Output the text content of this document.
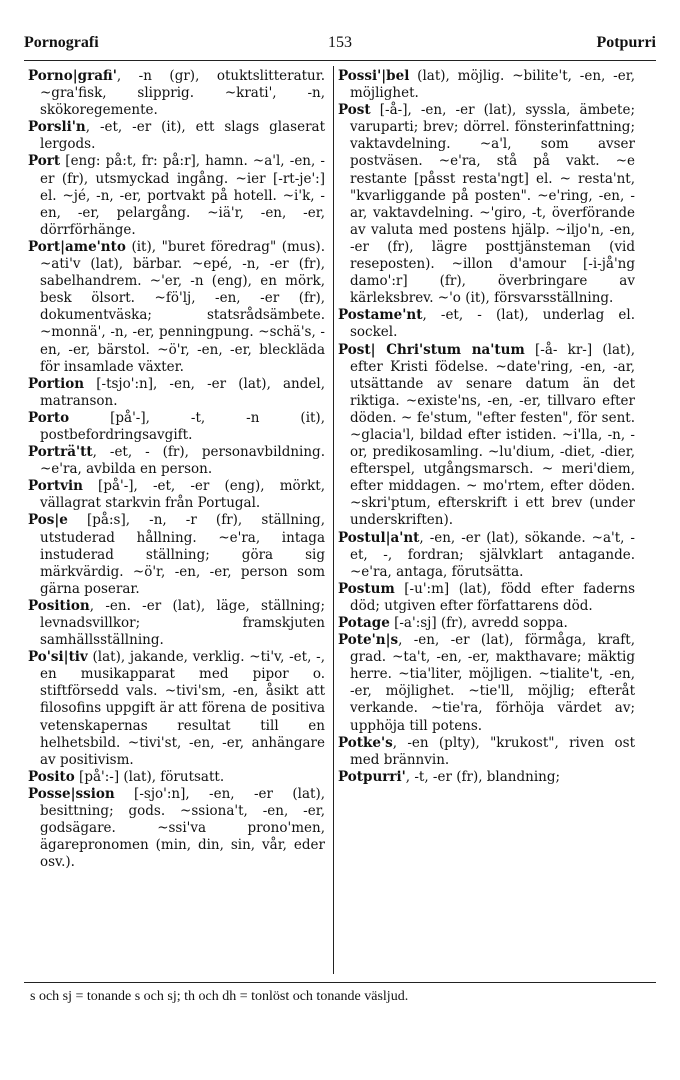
153
Pornografi	Potpurri

Porno|grafi', -n (gr), otuktslitteratur. ~gra'fisk, slipprig. ~krati', -n, skökoregemente.

Porsli'n, -et, -er (it), ett slags glaserat lergods.

Port [eng: på:t, fr: på:r], hamn. ~a'l, -en, -er (fr), utsmyckad ingång. ~ier [-rt-je':] el. ~jé, -n, -er, portvakt på hotell. ~i'k, -en, -er, pelargång. ~iä'r, -en, -er, dörrförhänge.

Port|ame'nto (it), "buret föredrag" (mus). ~ati'v (lat), bärbar. ~epé, -n, -er (fr), sabelhandrem. ~'er, -n (eng), en mörk, besk ölsort. ~fö'lj, -en, -er (fr), dokumentväska; statsrådsämbete. ~monnä', -n, -er, penningpung. ~schä's, -en, -er, bärstol. ~ö'r, -en, -er, bleckläda för insamlade växter.

Portion [-tsjo':n], -en, -er (lat), andel, matranson.

Porto [på'-], -t, -n (it), postbefordringsavgift.

Porträ'tt, -et, - (fr), personavbildning. ~e'ra, avbilda en person.

Portvin [på'-], -et, -er (eng), mörkt, vällagrat starkvin från Portugal.

Pos|e [på:s], -n, -r (fr), ställning, utstuderad hållning. ~e'ra, intaga instuderad ställning; göra sig märkvärdig. ~ö'r, -en, -er, person som gärna poserar.

Position, -en. -er (lat), läge, ställning; levnadsvillkor; framskjuten samhällsställning.

Po'si|tiv (lat), jakande, verklig. ~ti'v, -et, -, en musikapparat med pipor o. stiftförsedd vals. ~tivi'sm, -en, åsikt att filosofins uppgift är att förena de positiva vetenskapernas resultat till en helhetsbild. ~tivi'st, -en, -er, anhängare av positivism.

Posito [på':-] (lat), förutsatt.

Posse|ssion [-sjo':n], -en, -er (lat), besittning; gods. ~ssiona't, -en, -er, godsägare. ~ssi'va prono'men, ägarepronomen (min, din, sin, vår, eder osv.).

Possi'|bel (lat), möjlig. ~bilite't, -en, -er, möjlighet.

Post [-å-], -en, -er (lat), syssla, ämbete; varuparti; brev; dörrel. fönsterinfattning; vaktavdelning. ~a'l, som avser postväsen. ~e'ra, stå på vakt. ~e restante [påsst resta'ngt] el. ~ resta'nt, "kvarliggande på posten". ~e'ring, -en, -ar, vaktavdelning. ~'giro, -t, överförande av valuta med postens hjälp. ~iljo'n, -en, -er (fr), lägre posttjänsteman (vid reseposten). ~illon d'amour [-i-jå'ng damo':r] (fr), överbringare av kärleksbrev. ~'o (it), försvarsställning.

Postame'nt, -et, - (lat), underlag el. sockel.

Post| Chri'stum na'tum [-å- kr-] (lat), efter Kristi födelse. ~date'ring, -en, -ar, utsättande av senare datum än det riktiga. ~existe'ns, -en, -er, tillvaro efter döden. ~ fe'stum, "efter festen", för sent. ~glacia'l, bildad efter istiden. ~i'lla, -n, -or, predikosamling. ~lu'dium, -diet, -dier, efterspel, utgångsmarsch. ~ meri'diem, efter middagen. ~ mo'rtem, efter döden. ~skri'ptum, efterskrift i ett brev (under underskriften).

Postul|a'nt, -en, -er (lat), sökande. ~a't, -et, -, fordran; självklart antagande. ~e'ra, antaga, förutsätta.

Postum [-u':m] (lat), född efter faderns död; utgiven efter författarens död.

Potage [-a':sj] (fr), avredd soppa.

Pote'n|s, -en, -er (lat), förmåga, kraft, grad. ~ta't, -en, -er, makthavare; mäktig herre. ~tia'liter, möjligen. ~tialite't, -en, -er, möjlighet. ~tie'll, möjlig; efteråt verkande. ~tie'ra, förhöja värdet av; upphöja till potens.

Potke's, -en (plty), "krukost", riven ost med brännvin.

Potpurri', -t, -er (fr), blandning;

s och sj = tonande s och sj; th och dh = tonlöst och tonande väsljud.
